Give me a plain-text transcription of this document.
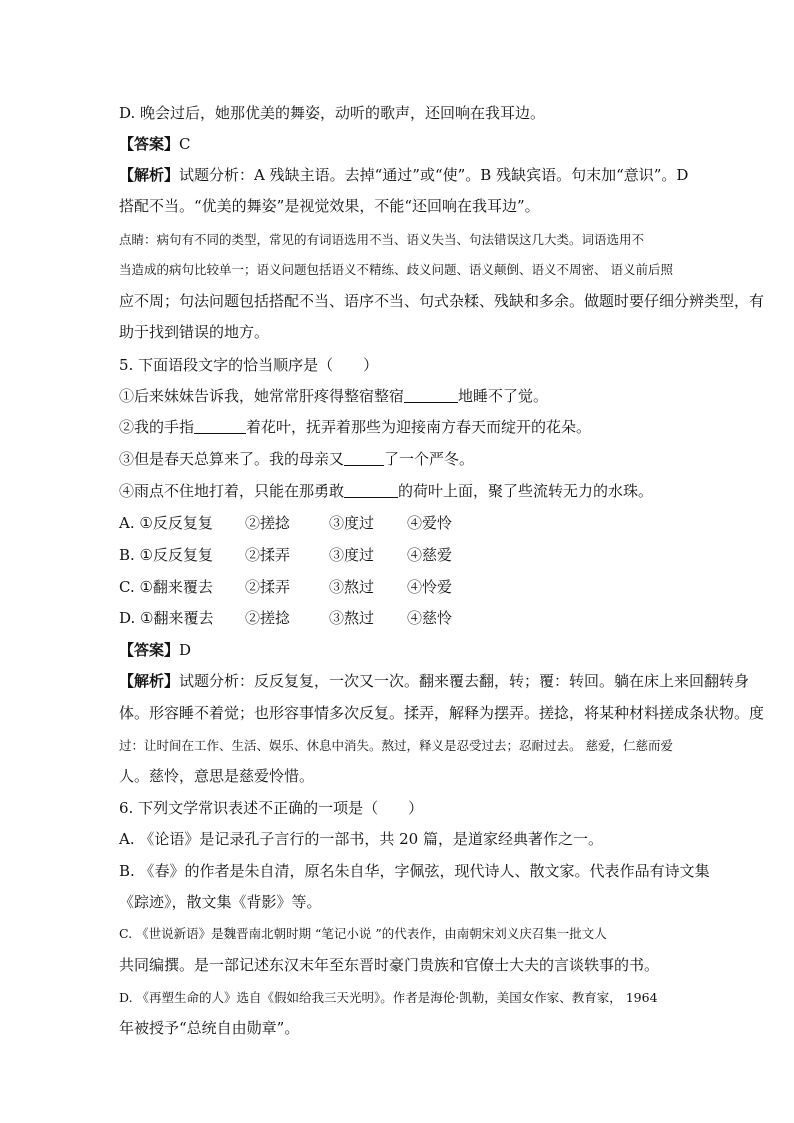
D. 晚会过后，她那优美的舞姿，动听的歌声，还回响在我耳边。
【答案】C
【解析】试题分析：A 残缺主语。去掉“通过”或“使”。B 残缺宾语。句末加“意识”。D
搭配不当。“优美的舞姿”是视觉效果，不能“还回响在我耳边”。
点睛：病句有不同的类型，常见的有词语选用不当、语义失当、句法错误这几大类。词语选用不
当造成的病句比较单一；语义问题包括语义不精练、歧义问题、语义颠倒、语义不周密、 语义前后照
应不周；句法问题包括搭配不当、语序不当、句式杂糅、残缺和多余。做题时要仔细分辨类型，有
助于找到错误的地方。
5. 下面语段文字的恰当顺序是（　　）
①后来妹妹告诉我，她常常肝疼得整宿整宿	地睡不了觉。
②我的手指	着花叶，抚弄着那些为迎接南方春天而绽开的花朵。
③但是春天总算来了。我的母亲又	了一个严冬。
④雨点不住地打着，只能在那勇敢	的荷叶上面，聚了些流转无力的水珠。
A. ①反反复复 ②搓捻	③度过 ④爱怜
B. ①反反复复 ②揉弄	③度过 ④慈爱
C. ①翻来覆去 ②揉弄	③熬过 ④怜爱
D. ①翻来覆去 ②搓捻	③熬过 ④慈怜
【答案】D
【解析】试题分析：反反复复，一次又一次。翻来覆去翻，转；覆：转回。躺在床上来回翻转身
体。形容睡不着觉；也形容事情多次反复。揉弄，解释为摆弄。搓捻，将某种材料搓成条状物。度
过：让时间在工作、生活、娱乐、休息中消失。熬过，释义是忍受过去；忍耐过去。 慈爱，仁慈而爱
人。慈怜，意思是慈爱怜惜。
6. 下列文学常识表述不正确的一项是（　　）
A. 《论语》是记录孔子言行的一部书，共 20 篇，是道家经典著作之一。
B. 《春》的作者是朱自清，原名朱自华，字佩弦，现代诗人、散文家。代表作品有诗文集
《踪迹》，散文集《背影》等。
C. 《世说新语》是魏晋南北朝时期 “笔记小说 ”的代表作，由南朝宋刘义庆召集一批文人
共同编撰。是一部记述东汉末年至东晋时豪门贵族和官僚士大夫的言谈轶事的书。
D. 《再塑生命的人》选自《假如给我三天光明》。作者是海伦·凯勒，美国女作家、教育家， 1964
年被授予“总统自由勋章”。
